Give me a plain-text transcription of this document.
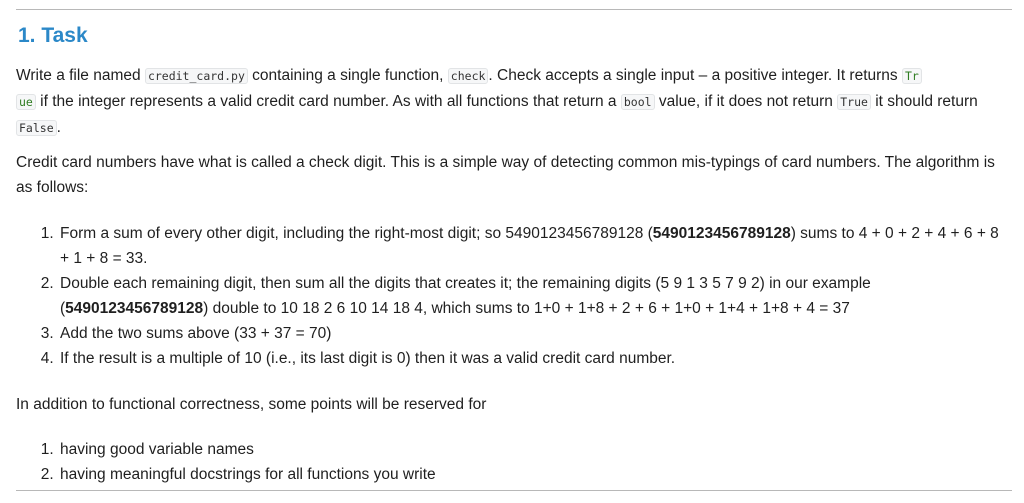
1. Task

Write a file named credit_card.py containing a single function, check . Check accepts a single input – a positive integer. It returns Tr
ue if the integer represents a valid credit card number. As with all functions that return a bool value, if it does not return True it should return False .

Credit card numbers have what is called a check digit. This is a simple way of detecting common mis-typings of card numbers. The algorithm is as follows:

1. Form a sum of every other digit, including the right-most digit; so 5490123456789128 (5490123456789128) sums to 4 + 0 + 2 + 4 + 6 + 8 + 1 + 8 = 33.
2. Double each remaining digit, then sum all the digits that creates it; the remaining digits (5 9 1 3 5 7 9 2) in our example (5490123456789128) double to 10 18 2 6 10 14 18 4, which sums to 1+0 + 1+8 + 2 + 6 + 1+0 + 1+4 + 1+8 + 4 = 37
3. Add the two sums above (33 + 37 = 70)
4. If the result is a multiple of 10 (i.e., its last digit is 0) then it was a valid credit card number.

In addition to functional correctness, some points will be reserved for

1. having good variable names
2. having meaningful docstrings for all functions you write
